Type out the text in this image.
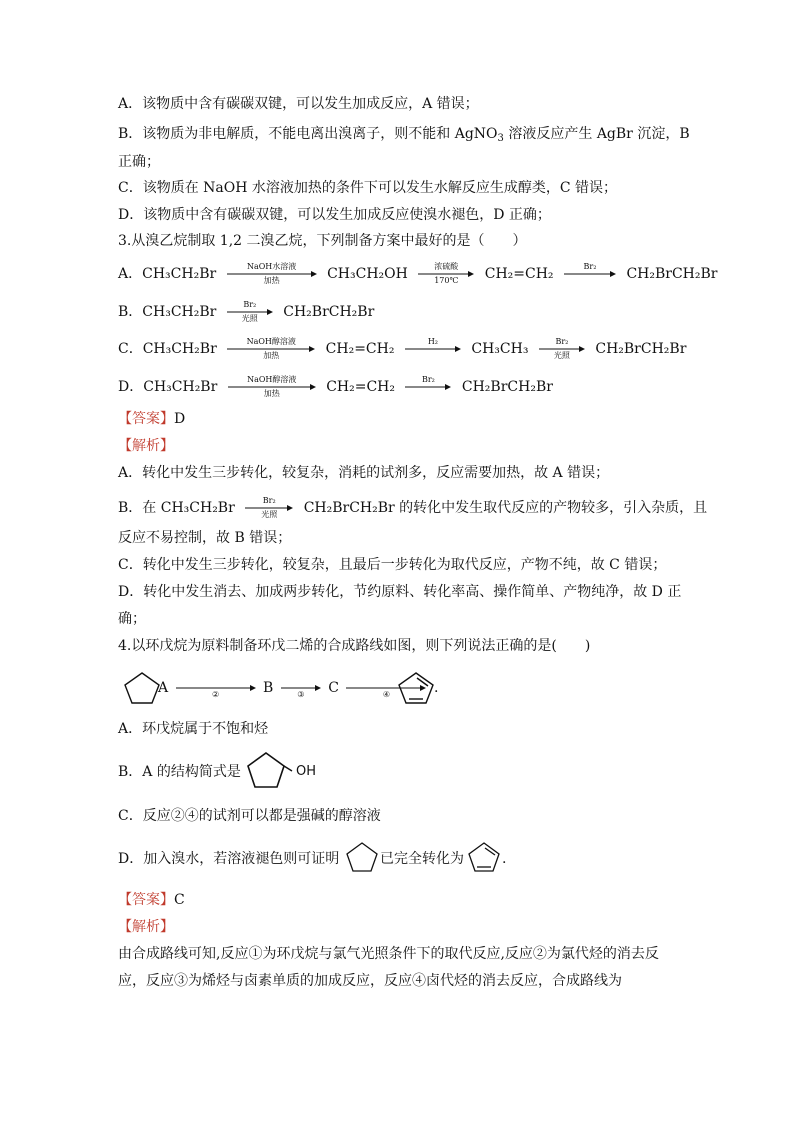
A．该物质中含有碳碳双键，可以发生加成反应，A 错误；
B．该物质为非电解质，不能电离出溴离子，则不能和 AgNO$_3$ 溶液反应产生 AgBr 沉淀，B
正确；
C．该物质在 NaOH 水溶液加热的条件下可以发生水解反应生成醇类，C 错误；
D．该物质中含有碳碳双键，可以发生加成反应使溴水褪色，D 正确；
3.从溴乙烷制取 1,2 二溴乙烷，下列制备方案中最好的是（　　）
A．CH₃CH₂Br	NaOH水溶液
加热	CH₃CH₂OH	浓硫酸
170℃	CH₂=CH₂	Br₂	CH₂BrCH₂Br
B．CH₃CH₂Br	Br₂
光照	CH₂BrCH₂Br
C．CH₃CH₂Br	NaOH醇溶液
加热	CH₂=CH₂	H₂	CH₃CH₃	Br₂
光照	CH₂BrCH₂Br
D．CH₃CH₂Br	NaOH醇溶液
加热	CH₂=CH₂	Br₂	CH₂BrCH₂Br
【答案】D
【解析】
A．转化中发生三步转化，较复杂，消耗的试剂多，反应需要加热，故 A 错误；
B．在 CH₃CH₂Br	Br₂
光照	CH₂BrCH₂Br 的转化中发生取代反应的产物较多，引入杂质，且
反应不易控制，故 B 错误；
C．转化中发生三步转化，较复杂，且最后一步转化为取代反应，产物不纯，故 C 错误；
D．转化中发生消去、加成两步转化，节约原料、转化率高、操作简单、产物纯净，故 D 正
确；
4.以环戊烷为原料制备环戊二烯的合成路线如图，则下列说法正确的是(　　)
A	②	B	③	C	④	.
A．环戊烷属于不饱和烃
B．A 的结构简式是	OH
C．反应②④的试剂可以都是强碱的醇溶液
D．加入溴水，若溶液褪色则可证明	已完全转化为	.
【答案】C
【解析】
由合成路线可知,反应①为环戊烷与氯气光照条件下的取代反应,反应②为氯代烃的消去反
应，反应③为烯烃与卤素单质的加成反应，反应④卤代烃的消去反应，合成路线为
